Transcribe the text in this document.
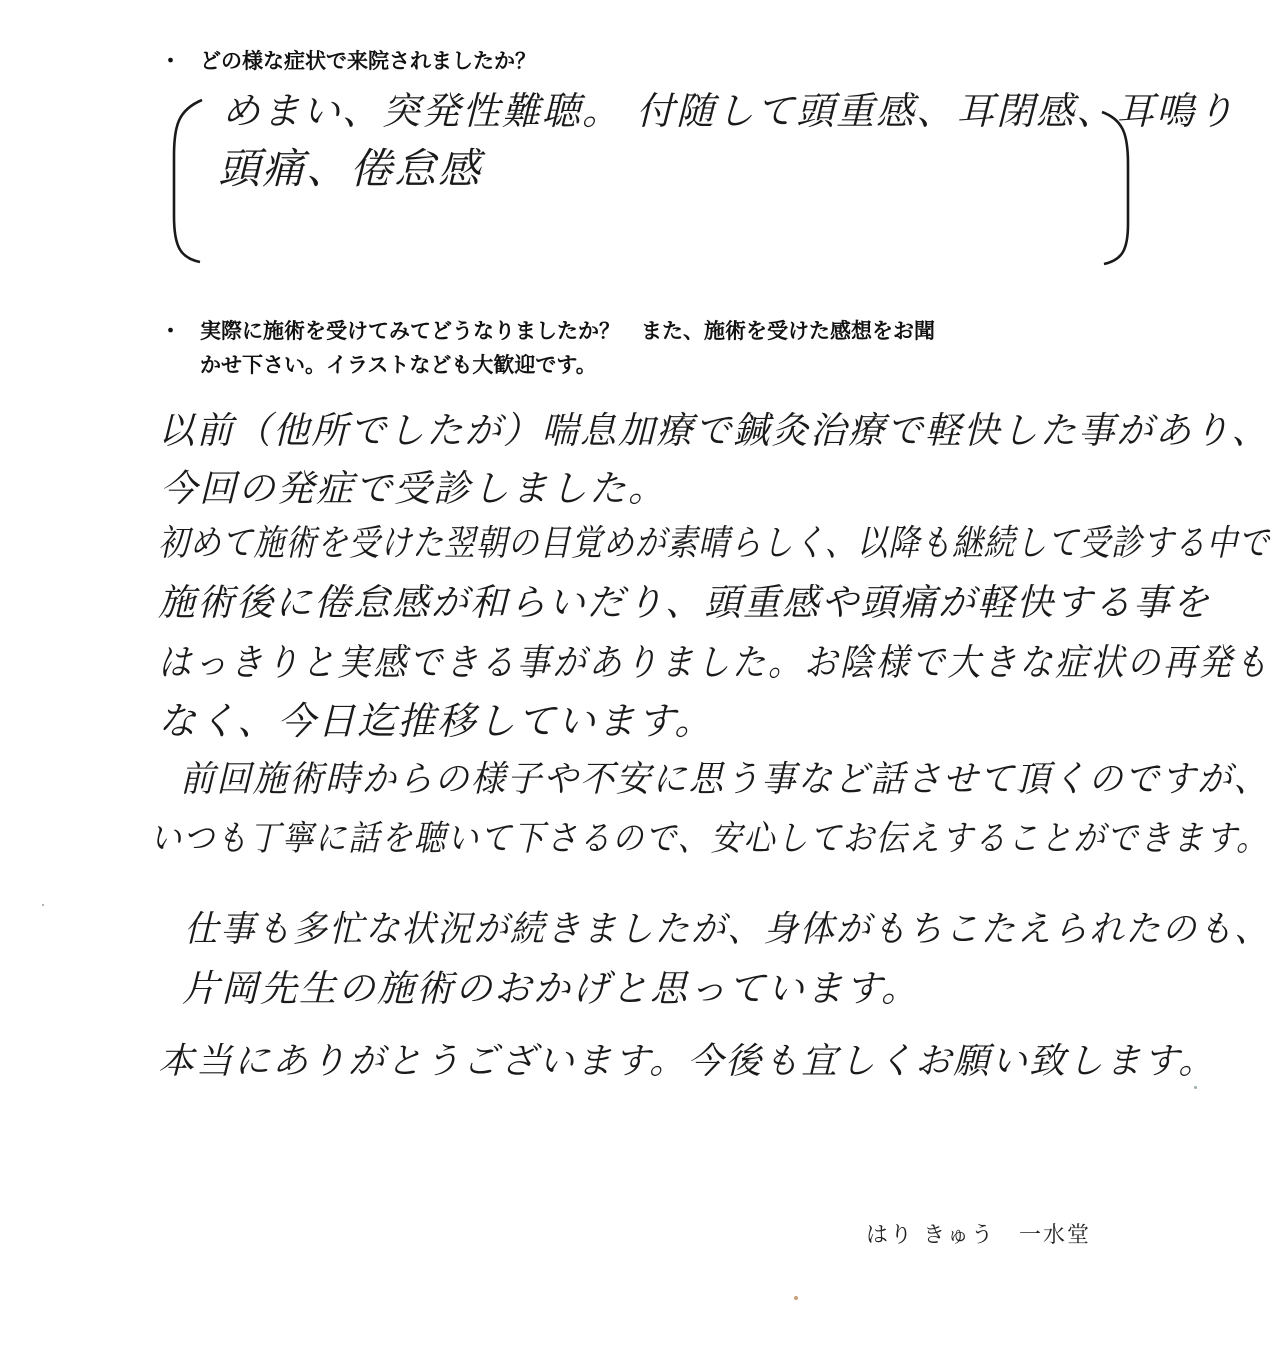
・ どの様な症状で来院されましたか？
めまい、突発性難聴。 付随して頭重感、耳閉感、耳鳴り
頭痛、倦怠感
・ 実際に施術を受けてみてどうなりましたか？　また、施術を受けた感想をお聞
かせ下さい。イラストなども大歓迎です。
以前（他所でしたが）喘息加療で鍼灸治療で軽快した事があり、
今回の発症で受診しました。
初めて施術を受けた翌朝の目覚めが素晴らしく、以降も継続して受診する中で
施術後に倦怠感が和らいだり、頭重感や頭痛が軽快する事を
はっきりと実感できる事がありました。お陰様で大きな症状の再発も
なく、今日迄推移しています。
前回施術時からの様子や不安に思う事など話させて頂くのですが、
いつも丁寧に話を聴いて下さるので、安心してお伝えすることができます。
仕事も多忙な状況が続きましたが、身体がもちこたえられたのも、
片岡先生の施術のおかげと思っています。
本当にありがとうございます。今後も宜しくお願い致します。
はり きゅう　一水堂
